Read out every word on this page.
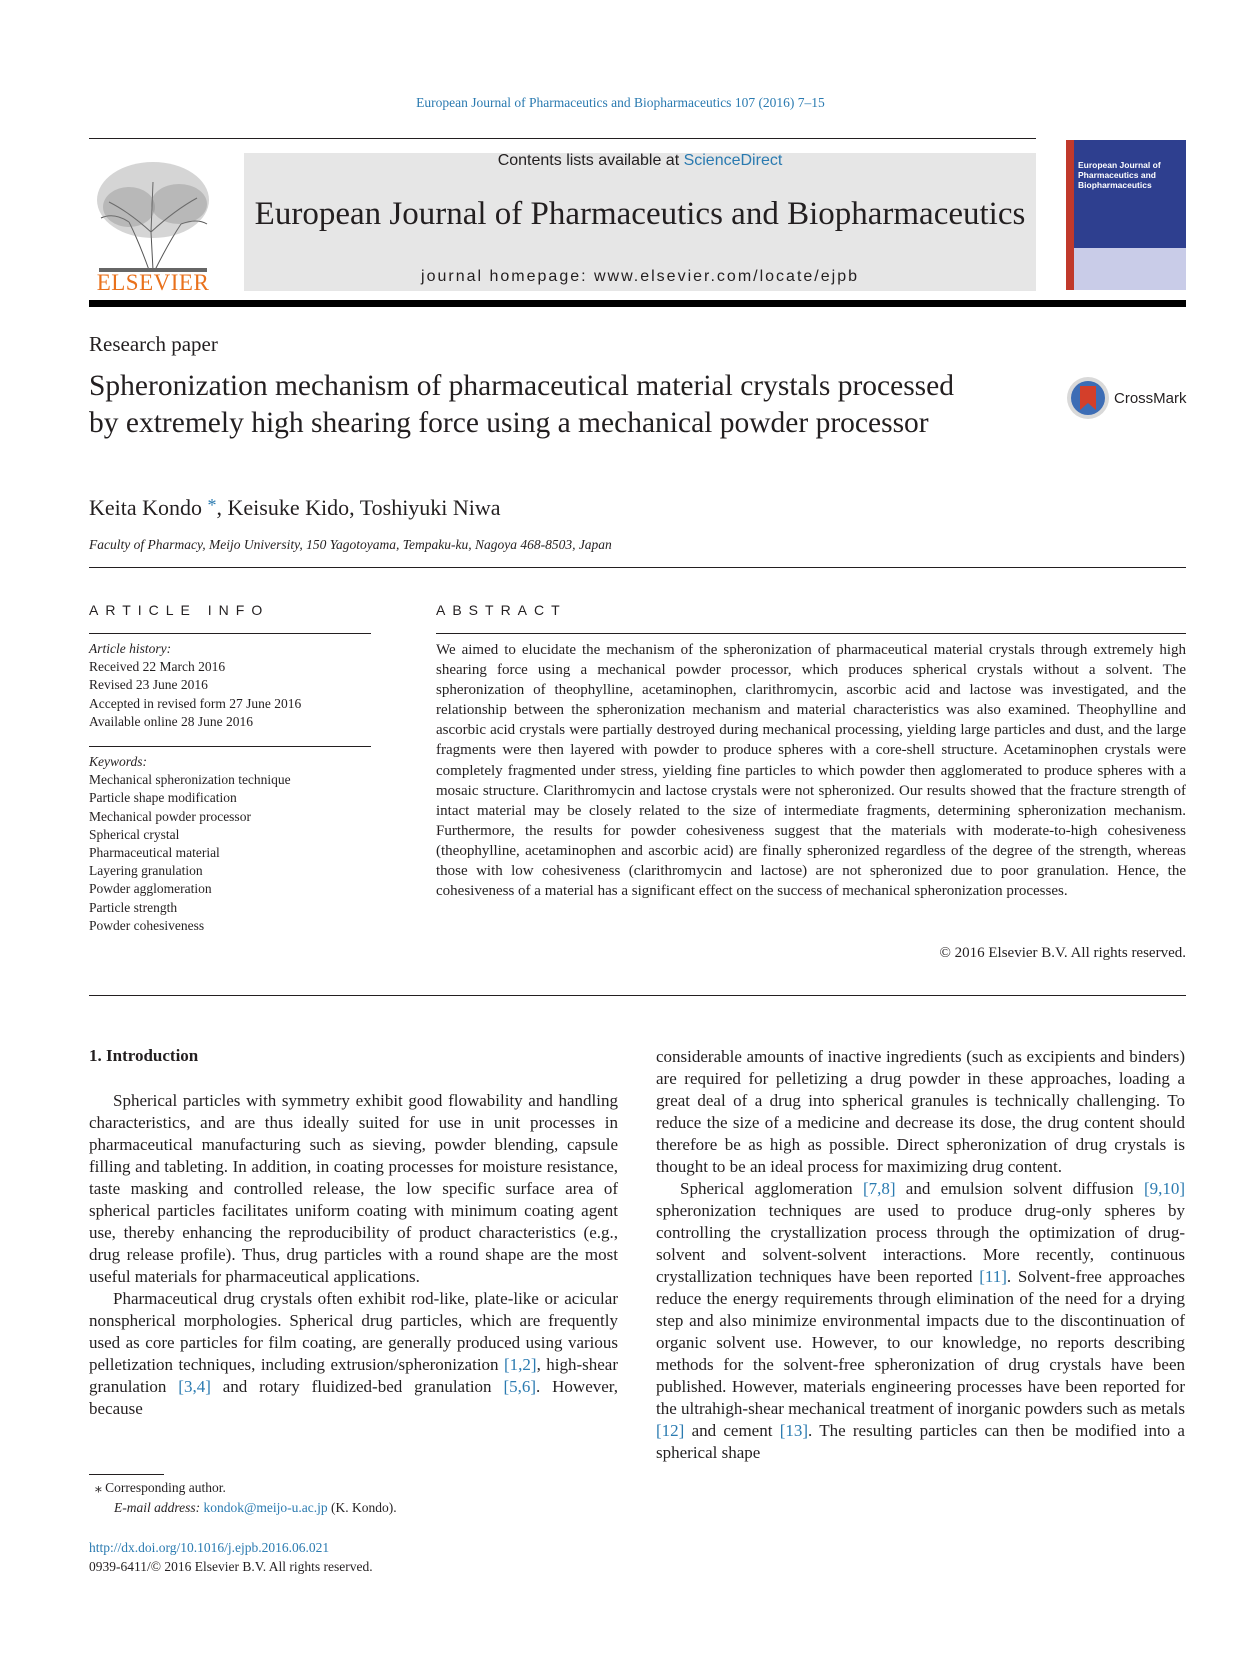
European Journal of Pharmaceutics and Biopharmaceutics 107 (2016) 7–15
ELSEVIER
Contents lists available at ScienceDirect
European Journal of Pharmaceutics and Biopharmaceutics
journal homepage: www.elsevier.com/locate/ejpb
European Journal of Pharmaceutics and Biopharmaceutics
Research paper
Spheronization mechanism of pharmaceutical material crystals processed by extremely high shearing force using a mechanical powder processor
CrossMark
Keita Kondo *, Keisuke Kido, Toshiyuki Niwa
Faculty of Pharmacy, Meijo University, 150 Yagotoyama, Tempaku-ku, Nagoya 468-8503, Japan
ARTICLE INFO
Article history:
Received 22 March 2016
Revised 23 June 2016
Accepted in revised form 27 June 2016
Available online 28 June 2016
Keywords:
Mechanical spheronization technique
Particle shape modification
Mechanical powder processor
Spherical crystal
Pharmaceutical material
Layering granulation
Powder agglomeration
Particle strength
Powder cohesiveness
ABSTRACT
We aimed to elucidate the mechanism of the spheronization of pharmaceutical material crystals through extremely high shearing force using a mechanical powder processor, which produces spherical crystals without a solvent. The spheronization of theophylline, acetaminophen, clarithromycin, ascorbic acid and lactose was investigated, and the relationship between the spheronization mechanism and material characteristics was also examined. Theophylline and ascorbic acid crystals were partially destroyed during mechanical processing, yielding large particles and dust, and the large fragments were then layered with powder to produce spheres with a core-shell structure. Acetaminophen crystals were completely fragmented under stress, yielding fine particles to which powder then agglomerated to produce spheres with a mosaic structure. Clarithromycin and lactose crystals were not spheronized. Our results showed that the fracture strength of intact material may be closely related to the size of intermediate fragments, determining spheronization mechanism. Furthermore, the results for powder cohesiveness suggest that the materials with moderate-to-high cohesiveness (theophylline, acetaminophen and ascorbic acid) are finally spheronized regardless of the degree of the strength, whereas those with low cohesiveness (clarithromycin and lactose) are not spheronized due to poor granulation. Hence, the cohesiveness of a material has a significant effect on the success of mechanical spheronization processes.
© 2016 Elsevier B.V. All rights reserved.
1. Introduction

Spherical particles with symmetry exhibit good flowability and handling characteristics, and are thus ideally suited for use in unit processes in pharmaceutical manufacturing such as sieving, powder blending, capsule filling and tableting. In addition, in coating processes for moisture resistance, taste masking and controlled release, the low specific surface area of spherical particles facilitates uniform coating with minimum coating agent use, thereby enhancing the reproducibility of product characteristics (e.g., drug release profile). Thus, drug particles with a round shape are the most useful materials for pharmaceutical applications.

Pharmaceutical drug crystals often exhibit rod-like, plate-like or acicular nonspherical morphologies. Spherical drug particles, which are frequently used as core particles for film coating, are generally produced using various pelletization techniques, including extrusion/spheronization [1,2], high-shear granulation [3,4] and rotary fluidized-bed granulation [5,6]. However, because

considerable amounts of inactive ingredients (such as excipients and binders) are required for pelletizing a drug powder in these approaches, loading a great deal of a drug into spherical granules is technically challenging. To reduce the size of a medicine and decrease its dose, the drug content should therefore be as high as possible. Direct spheronization of drug crystals is thought to be an ideal process for maximizing drug content.

Spherical agglomeration [7,8] and emulsion solvent diffusion [9,10] spheronization techniques are used to produce drug-only spheres by controlling the crystallization process through the optimization of drug-solvent and solvent-solvent interactions. More recently, continuous crystallization techniques have been reported [11]. Solvent-free approaches reduce the energy requirements through elimination of the need for a drying step and also minimize environmental impacts due to the discontinuation of organic solvent use. However, to our knowledge, no reports describing methods for the solvent-free spheronization of drug crystals have been published. However, materials engineering processes have been reported for the ultrahigh-shear mechanical treatment of inorganic powders such as metals [12] and cement [13]. The resulting particles can then be modified into a spherical shape

⁎ Corresponding author.
E-mail address: kondok@meijo-u.ac.jp (K. Kondo).
http://dx.doi.org/10.1016/j.ejpb.2016.06.021
0939-6411/© 2016 Elsevier B.V. All rights reserved.
